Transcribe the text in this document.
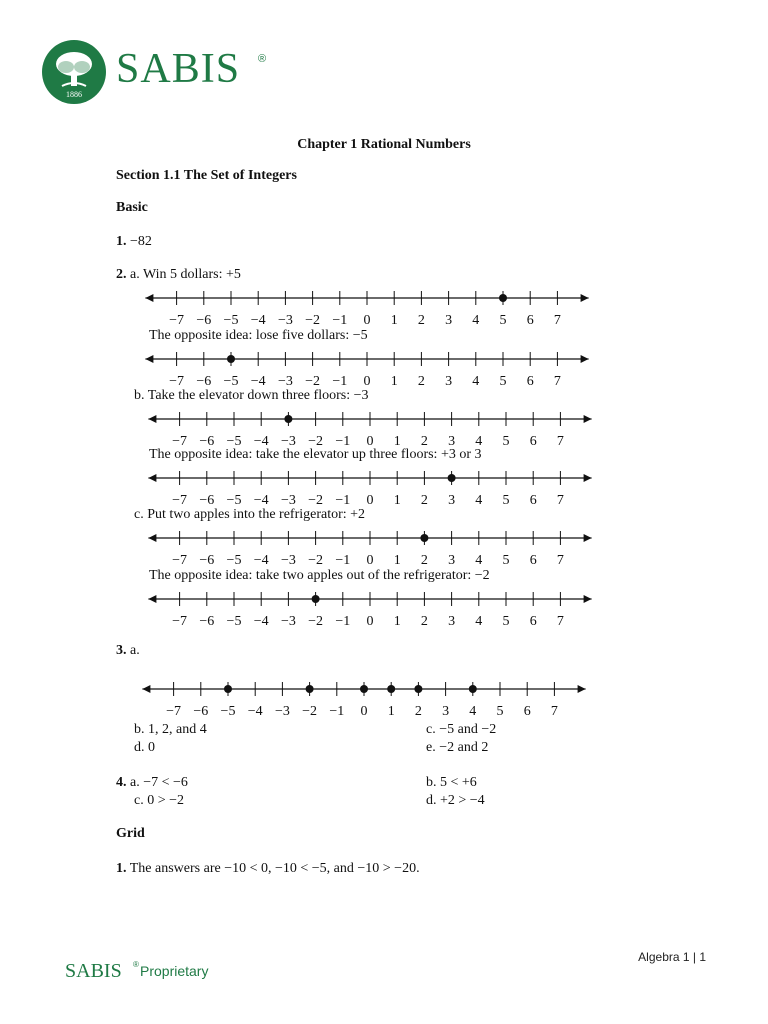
1886
SABIS ®
Chapter 1 Rational Numbers
Section 1.1 The Set of Integers
Basic
1. −82
2. a. Win 5 dollars: +5
−7 −6 −5 −4 −3 −2 −1 0 1 2 3 4 5 6 7
The opposite idea: lose five dollars: −5
−7 −6 −5 −4 −3 −2 −1 0 1 2 3 4 5 6 7
b. Take the elevator down three floors: −3
−7 −6 −5 −4 −3 −2 −1 0 1 2 3 4 5 6 7
The opposite idea: take the elevator up three floors: +3 or 3
−7 −6 −5 −4 −3 −2 −1 0 1 2 3 4 5 6 7
c. Put two apples into the refrigerator: +2
−7 −6 −5 −4 −3 −2 −1 0 1 2 3 4 5 6 7
The opposite idea: take two apples out of the refrigerator: −2
−7 −6 −5 −4 −3 −2 −1 0 1 2 3 4 5 6 7
3. a.
−7 −6 −5 −4 −3 −2 −1 0 1 2 3 4 5 6 7
b. 1, 2, and 4	c. −5 and −2
d. 0	e. −2 and 2
4. a. −7 < −6	b. 5 < +6
c. 0 > −2	d. +2 > −4
Grid
1. The answers are −10 < 0, −10 < −5, and −10 > −20.
Algebra 1 | 1
SABIS ® Proprietary
